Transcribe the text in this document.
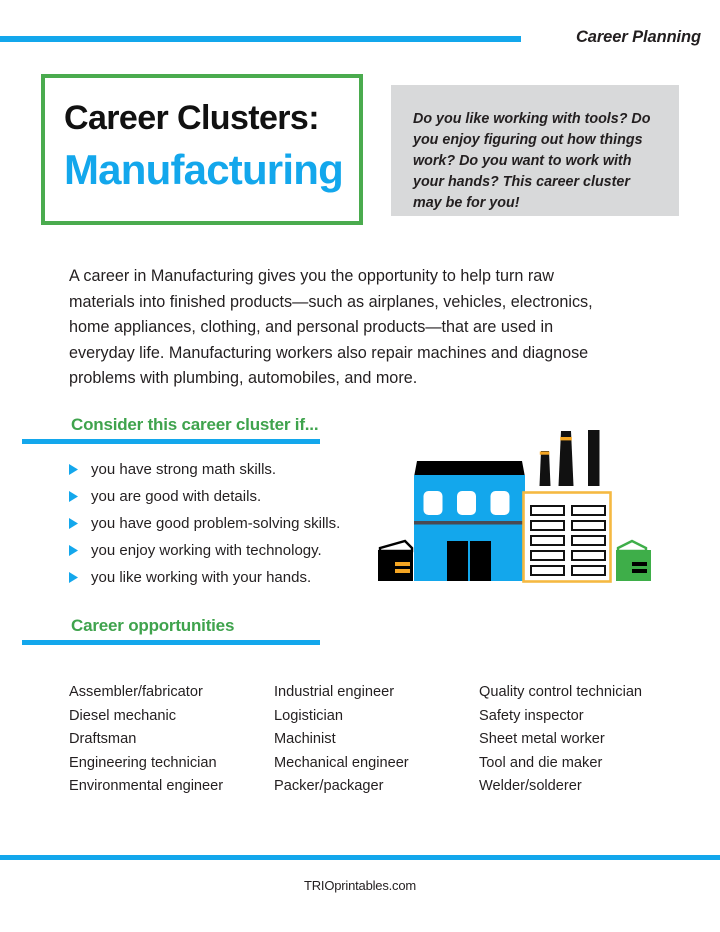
Career Planning
Career Clusters:
Manufacturing
Do you like working with tools? Do you enjoy figuring out how things work? Do you want to work with your hands? This career cluster may be for you!
A career in Manufacturing gives you the opportunity to help turn raw materials into finished products—such as airplanes, vehicles, electronics, home appliances, clothing, and personal products—that are used in everyday life. Manufacturing workers also repair machines and diagnose problems with plumbing, automobiles, and more.
Consider this career cluster if...
you have strong math skills.
you are good with details.
you have good problem-solving skills.
you enjoy working with technology.
you like working with your hands.
Career opportunities
Assembler/fabricator
Diesel mechanic
Draftsman
Engineering technician
Environmental engineer
Industrial engineer
Logistician
Machinist
Mechanical engineer
Packer/packager
Quality control technician
Safety inspector
Sheet metal worker
Tool and die maker
Welder/solderer
TRIOprintables.com
